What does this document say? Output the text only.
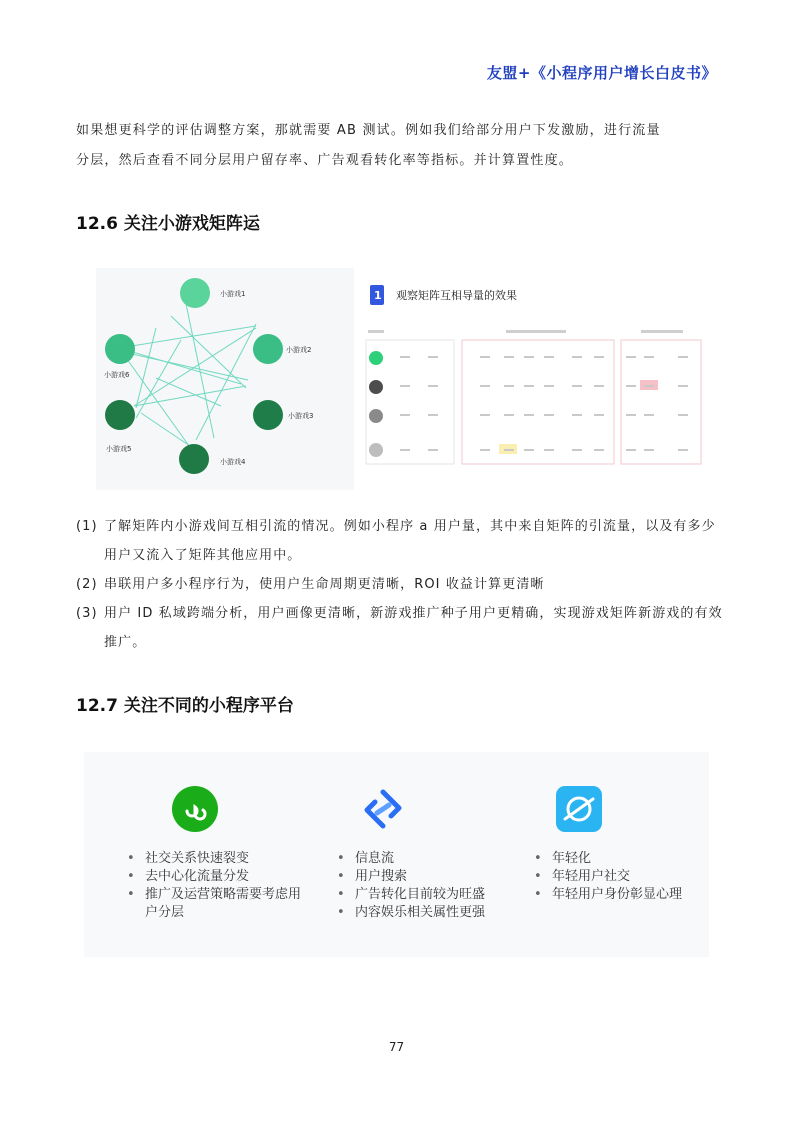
友盟+《小程序用户增长白皮书》
如果想更科学的评估调整方案，那就需要 AB 测试。例如我们给部分用户下发激励，进行流量
分层，然后查看不同分层用户留存率、广告观看转化率等指标。并计算置性度。
12.6 关注小游戏矩阵运
小游戏1
小游戏2
小游戏3
小游戏4
小游戏5
小游戏6
1 观察矩阵互相导量的效果
(1) 了解矩阵内小游戏间互相引流的情况。例如小程序 a 用户量，其中来自矩阵的引流量，以及有多少用户又流入了矩阵其他应用中。
(2) 串联用户多小程序行为，使用户生命周期更清晰，ROI 收益计算更清晰
(3) 用户 ID 私域跨端分析，用户画像更清晰，新游戏推广种子用户更精确，实现游戏矩阵新游戏的有效推广。
12.7 关注不同的小程序平台
• 社交关系快速裂变
• 去中心化流量分发
• 推广及运营策略需要考虑用户分层
• 信息流
• 用户搜索
• 广告转化目前较为旺盛
• 内容娱乐相关属性更强
• 年轻化
• 年轻用户社交
• 年轻用户身份彰显心理
77
